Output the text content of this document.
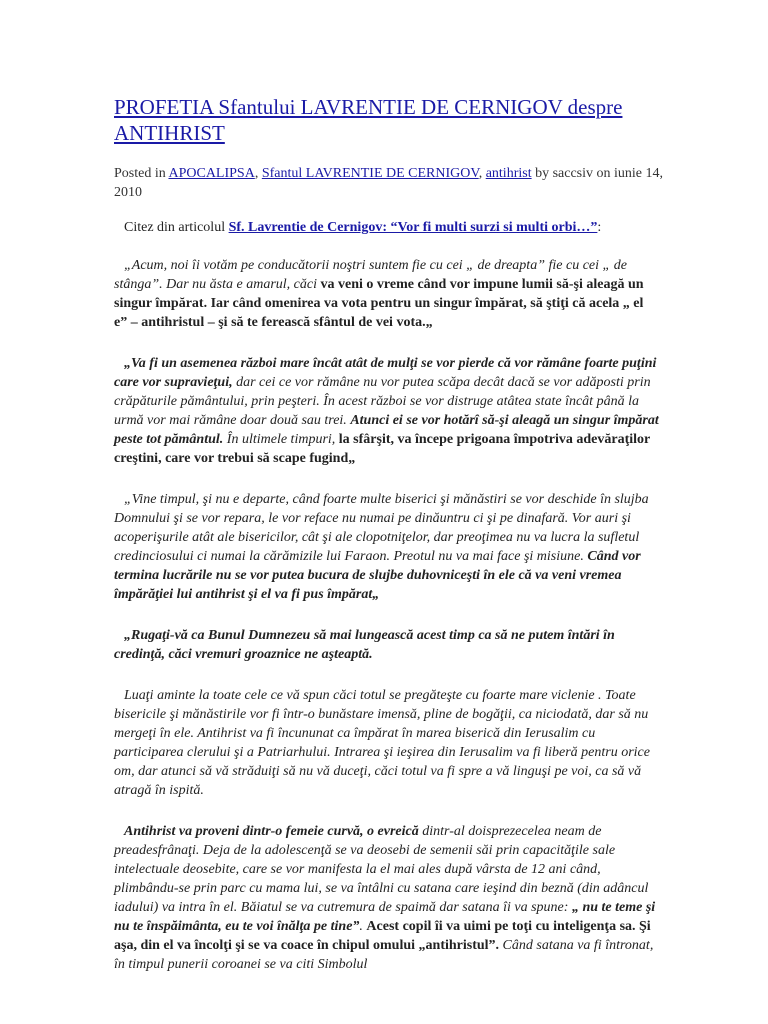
PROFETIA Sfantului LAVRENTIE DE CERNIGOV despre ANTIHRIST

Posted in APOCALIPSA, Sfantul LAVRENTIE DE CERNIGOV, antihrist by saccsiv on iunie 14, 2010

Citez din articolul Sf. Lavrentie de Cernigov: “Vor fi multi surzi si multi orbi…”:

„Acum, noi îi votăm pe conducătorii noştri suntem fie cu cei „ de dreapta” fie cu cei „ de stânga”. Dar nu ăsta e amarul, căci va veni o vreme când vor impune lumii să-şi aleagă un singur împărat. Iar când omenirea va vota pentru un singur împărat, să ştiţi că acela „ el e” – antihristul – şi să te ferească sfântul de vei vota.„

„Va fi un asemenea război mare încât atât de mulţi se vor pierde că vor rămâne foarte puţini care vor supravieţui, dar cei ce vor rămâne nu vor putea scăpa decât dacă se vor adăposti prin crăpăturile pământului, prin peşteri. În acest război se vor distruge atâtea state încât până la urmă vor mai rămâne doar două sau trei. Atunci ei se vor hotărî să-şi aleagă un singur împărat peste tot pământul. În ultimele timpuri, la sfârşit, va începe prigoana împotriva adevăraţilor creştini, care vor trebui să scape fugind„

„Vine timpul, şi nu e departe, când foarte multe biserici şi mănăstiri se vor deschide în slujba Domnului şi se vor repara, le vor reface nu numai pe dinăuntru ci şi pe dinafară. Vor auri şi acoperişurile atât ale bisericilor, cât şi ale clopotniţelor, dar preoţimea nu va lucra la sufletul credinciosului ci numai la cărămizile lui Faraon. Preotul nu va mai face şi misiune. Când vor termina lucrările nu se vor putea bucura de slujbe duhovniceşti în ele că va veni vremea împărăţiei lui antihrist şi el va fi pus împărat„

„Rugaţi-vă ca Bunul Dumnezeu să mai lungească acest timp ca să ne putem întări în credinţă, căci vremuri groaznice ne aşteaptă.

Luaţi aminte la toate cele ce vă spun căci totul se pregăteşte cu foarte mare viclenie . Toate bisericile şi mănăstirile vor fi într-o bunăstare imensă, pline de bogăţii, ca niciodată, dar să nu mergeţi în ele. Antihrist va fi încununat ca împărat în marea biserică din Ierusalim cu participarea clerului şi a Patriarhului. Intrarea şi ieşirea din Ierusalim va fi liberă pentru orice om, dar atunci să vă străduiţi să nu vă duceţi, căci totul va fi spre a vă linguşi pe voi, ca să vă atragă în ispită.

Antihrist va proveni dintr-o femeie curvă, o evreică dintr-al doisprezecelea neam de preadesfrânaţi. Deja de la adolescenţă se va deosebi de semenii săi prin capacităţile sale intelectuale deosebite, care se vor manifesta la el mai ales după vârsta de 12 ani când, plimbându-se prin parc cu mama lui, se va întâlni cu satana care ieşind din beznă (din adâncul iadului) va intra în el. Băiatul se va cutremura de spaimă dar satana îi va spune: „ nu te teme şi nu te înspăimânta, eu te voi înălţa pe tine”. Acest copil îi va uimi pe toţi cu inteligenţa sa. Şi aşa, din el va încolţi şi se va coace în chipul omului „antihristul”. Când satana va fi întronat, în timpul punerii coroanei se va citi Simbolul
